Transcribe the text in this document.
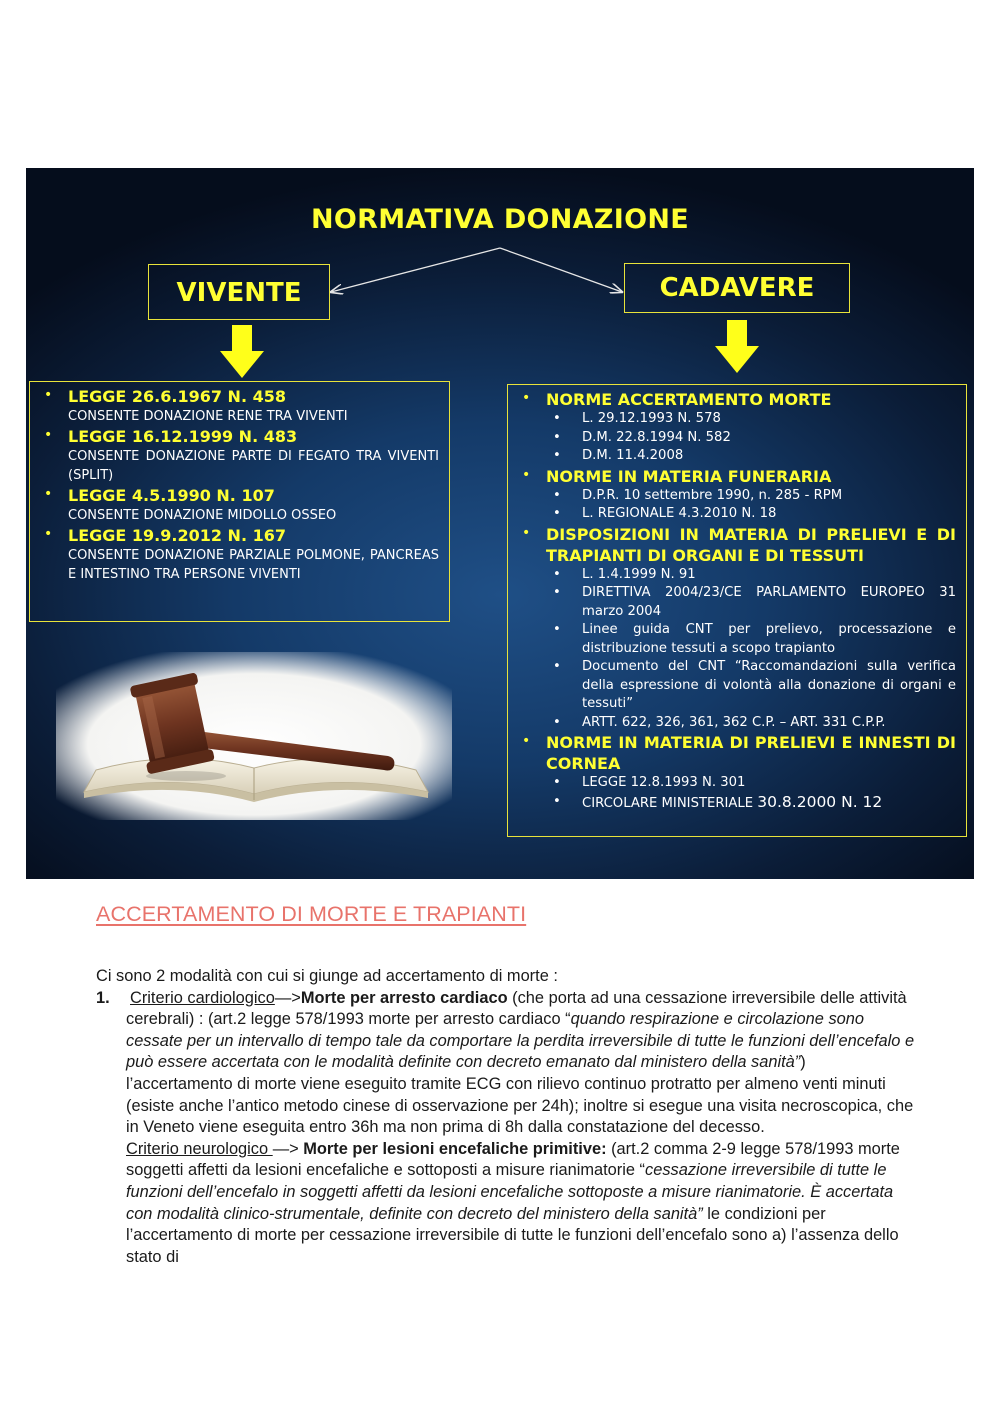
NORMATIVA DONAZIONE
VIVENTE	CADAVERE
• LEGGE 26.6.1967 N. 458
CONSENTE DONAZIONE RENE TRA VIVENTI
• LEGGE 16.12.1999 N. 483
CONSENTE DONAZIONE PARTE DI FEGATO TRA VIVENTI (SPLIT)
• LEGGE 4.5.1990 N. 107
CONSENTE DONAZIONE MIDOLLO OSSEO
• LEGGE 19.9.2012 N. 167
CONSENTE DONAZIONE PARZIALE POLMONE, PANCREAS E INTESTINO TRA PERSONE VIVENTI
• NORME ACCERTAMENTO MORTE
• L. 29.12.1993 N. 578
• D.M. 22.8.1994 N. 582
• D.M. 11.4.2008
• NORME IN MATERIA FUNERARIA
• D.P.R. 10 settembre 1990, n. 285 - RPM
• L. REGIONALE 4.3.2010 N. 18
• DISPOSIZIONI IN MATERIA DI PRELIEVI E DI TRAPIANTI DI ORGANI E DI TESSUTI
• L. 1.4.1999 N. 91
• DIRETTIVA 2004/23/CE PARLAMENTO EUROPEO 31 marzo 2004
• Linee guida CNT per prelievo, processazione e distribuzione tessuti a scopo trapianto
• Documento del CNT “Raccomandazioni sulla verifica della espressione di volontà alla donazione di organi e tessuti”
• ARTT. 622, 326, 361, 362 C.P. – ART. 331 C.P.P.
• NORME IN MATERIA DI PRELIEVI E INNESTI DI CORNEA
• LEGGE 12.8.1993 N. 301
• CIRCOLARE MINISTERIALE 30.8.2000 N. 12
ACCERTAMENTO DI MORTE E TRAPIANTI

Ci sono 2 modalità con cui si giunge ad accertamento di morte :

1. Criterio cardiologico—>Morte per arresto cardiaco (che porta ad una cessazione irreversibile delle attività cerebrali) : (art.2 legge 578/1993 morte per arresto cardiaco “quando respirazione e circolazione sono cessate per un intervallo di tempo tale da comportare la perdita irreversibile di tutte le funzioni dell’encefalo e può essere accertata con le modalità definite con decreto emanato dal ministero della sanità”) l’accertamento di morte viene eseguito tramite ECG con rilievo continuo protratto per almeno venti minuti (esiste anche l’antico metodo cinese di osservazione per 24h); inoltre si esegue una visita necroscopica, che in Veneto viene eseguita entro 36h ma non prima di 8h dalla constatazione del decesso.

Criterio neurologico —> Morte per lesioni encefaliche primitive: (art.2 comma 2-9 legge 578/1993 morte soggetti affetti da lesioni encefaliche e sottoposti a misure rianimatorie “cessazione irreversibile di tutte le funzioni dell’encefalo in soggetti affetti da lesioni encefaliche sottoposte a misure rianimatorie. È accertata con modalità clinico-strumentale, definite con decreto del ministero della sanità” le condizioni per l’accertamento di morte per cessazione irreversibile di tutte le funzioni dell’encefalo sono a) l’assenza dello stato di
